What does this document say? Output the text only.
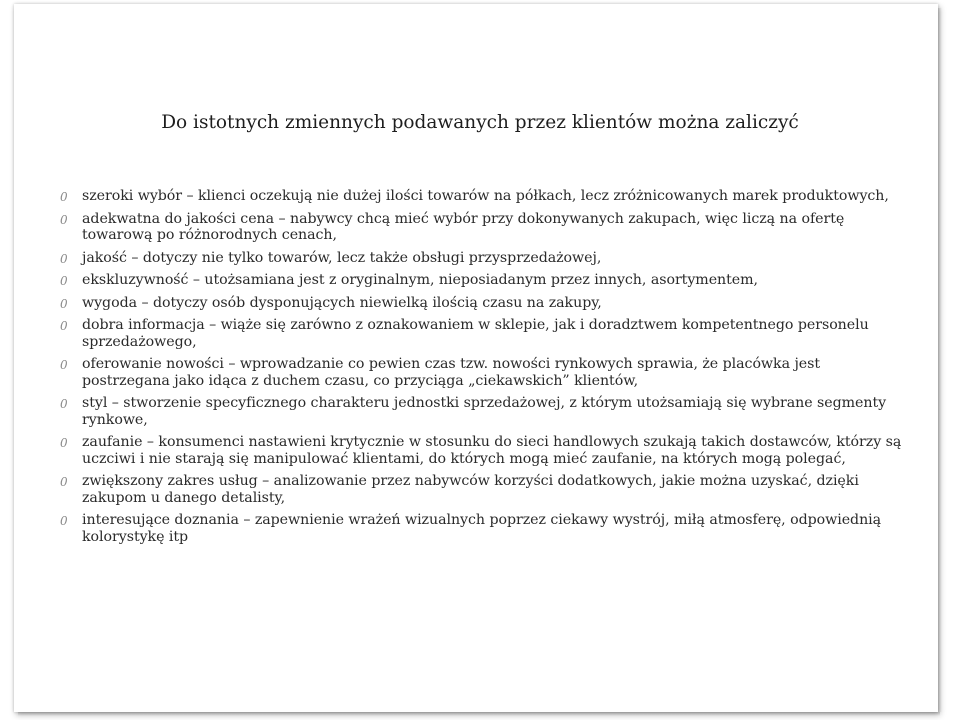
Do istotnych zmiennych podawanych przez klientów można zaliczyć
0 szeroki wybór – klienci oczekują nie dużej ilości towarów na półkach, lecz zróżnicowanych marek produktowych,
0 adekwatna do jakości cena – nabywcy chcą mieć wybór przy dokonywanych zakupach, więc liczą na ofertę towarową po różnorodnych cenach,
0 jakość – dotyczy nie tylko towarów, lecz także obsługi przysprzedażowej,
0 ekskluzywność – utożsamiana jest z oryginalnym, nieposiadanym przez innych, asortymentem,
0 wygoda – dotyczy osób dysponujących niewielką ilością czasu na zakupy,
0 dobra informacja – wiąże się zarówno z oznakowaniem w sklepie, jak i doradztwem kompetentnego personelu sprzedażowego,
0 oferowanie nowości – wprowadzanie co pewien czas tzw. nowości rynkowych sprawia, że placówka jest postrzegana jako idąca z duchem czasu, co przyciąga „ciekawskich” klientów,
0 styl – stworzenie specyficznego charakteru jednostki sprzedażowej, z którym utożsamiają się wybrane segmenty rynkowe,
0 zaufanie – konsumenci nastawieni krytycznie w stosunku do sieci handlowych szukają takich dostawców, którzy są uczciwi i nie starają się manipulować klientami, do których mogą mieć zaufanie, na których mogą polegać,
0 zwiększony zakres usług – analizowanie przez nabywców korzyści dodatkowych, jakie można uzyskać, dzięki zakupom u danego detalisty,
0 interesujące doznania – zapewnienie wrażeń wizualnych poprzez ciekawy wystrój, miłą atmosferę, odpowiednią kolorystykę itp
